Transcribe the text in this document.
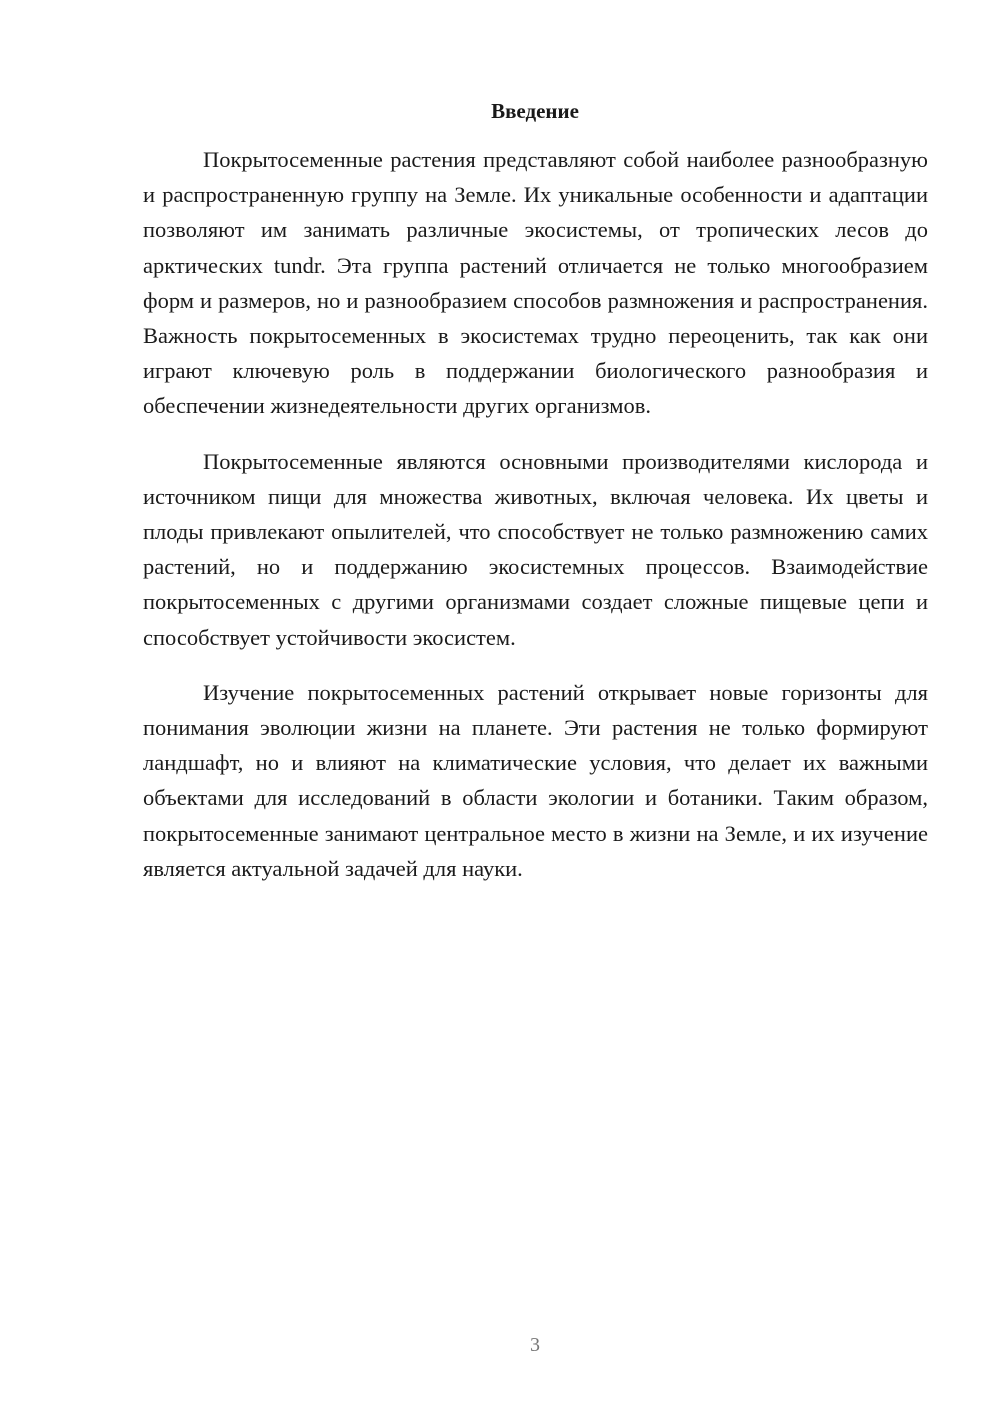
Введение

Покрытосеменные растения представляют собой наиболее разнообразную и распространенную группу на Земле. Их уникальные особенности и адаптации позволяют им занимать различные экосистемы, от тропических лесов до арктических tundr. Эта группа растений отличается не только многообразием форм и размеров, но и разнообразием способов размножения и распространения. Важность покрытосеменных в экосистемах трудно переоценить, так как они играют ключевую роль в поддержании биологического разнообразия и обеспечении жизнедеятельности других организмов.

Покрытосеменные являются основными производителями кислорода и источником пищи для множества животных, включая человека. Их цветы и плоды привлекают опылителей, что способствует не только размножению самих растений, но и поддержанию экосистемных процессов. Взаимодействие покрытосеменных с другими организмами создает сложные пищевые цепи и способствует устойчивости экосистем.

Изучение покрытосеменных растений открывает новые горизонты для понимания эволюции жизни на планете. Эти растения не только формируют ландшафт, но и влияют на климатические условия, что делает их важными объектами для исследований в области экологии и ботаники. Таким образом, покрытосеменные занимают центральное место в жизни на Земле, и их изучение является актуальной задачей для науки.

3
